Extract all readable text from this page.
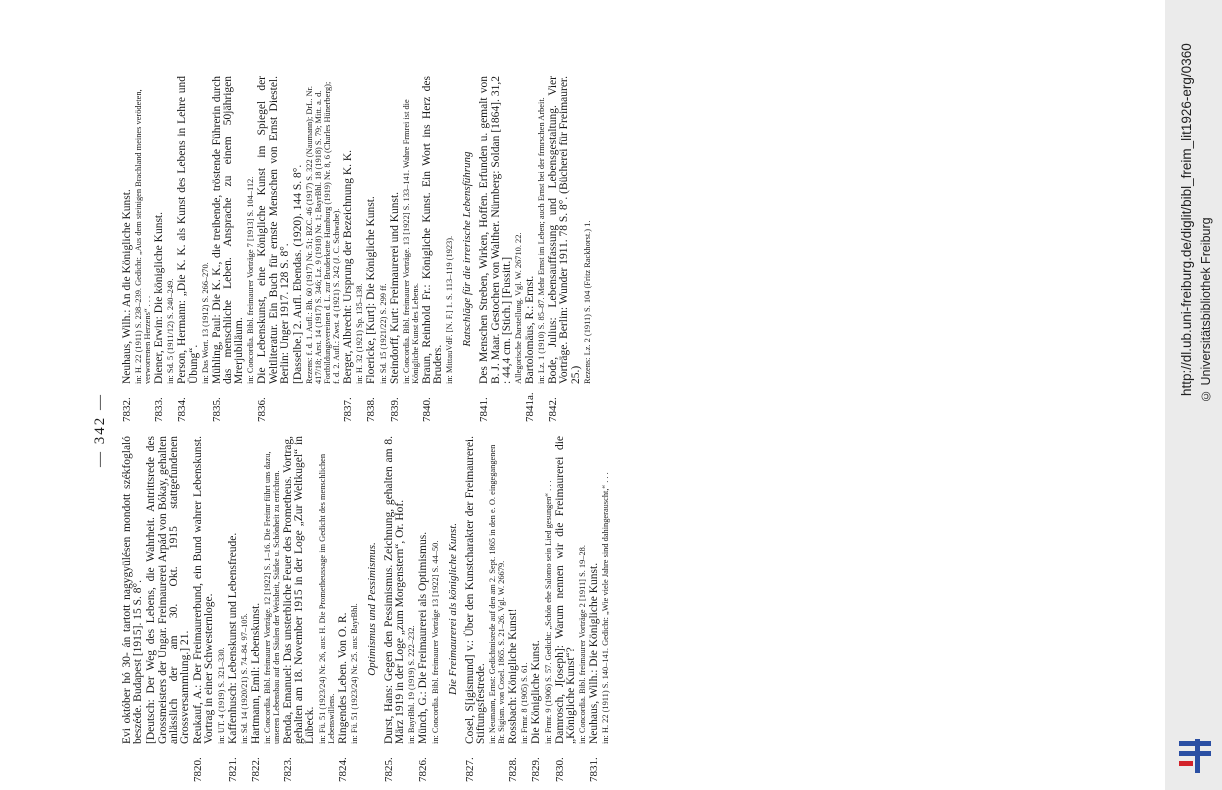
— 342 —
Evi október hó 30- án tartott nagygyülésen mondott székfoglaló beszéde. Budapest [1915]. 15 S. 8°. [Deutsch: Der Weg des Lebens, die Wahrheit. Antrittsrede des Grossmeisters der Ungar. Freimaurerei Arpád von Bókay, gehalten anlässlich der am 30. Okt. 1915 stattgefundenen Grossversammlung.] 21.
7820.
Reukauf, A.: Der Freimaurerbund, ein Bund wahrer Lebenskunst. Vortrag in einer Schwesternloge. in: UT. 4 (1919) S. 321–330.
7821.
Kaffenhusch: Lebenskunst und Lebensfreude. in: Sd. 14 (1920/21) S. 74–84. 97–105.
7822.
Hartmann, Emil: Lebenskunst. in: Concordia. Bibl. freimaurer Vorträge. 12 [1922] S. 1–16. Die Freimr führt uns dazu, unseren Lebensbau auf den Säulen der Weisheit, Stärke u. Schönheit zu errichten.
7823.
Benda, Emanuel: Das unsterbliche Feuer des Prometheus. Vortrag, gehalten am 18. November 1915 in der Loge „Zur Weltkugel“ in Lübeck. in: Fü. 51 (1923/24) Nr. 26, aus: H. Die Prometheussage im Gedicht des menschlichen Lebenswillens.
7824.
Ringendes Leben. Von O. R. in: Fü. 51 (1923/24) Nr. 25. aus: BayrBhl. Optimismus und Pessimismus.
7825.
Durst, Hans: Gegen den Pessimismus. Zeichnung, gehalten am 8. März 1919 in der Loge „zum Morgenstern“, Or. Hof. in: BayrBhl. 19 (1919) S. 222–232.
7826.
Münch, G.: Die Freimaurerei als Optimismus. in: Concordia. Bibl. freimaurer Vorträge 13 [1922] S. 44–50. Die Freimaurerei als königliche Kunst.
7827.
Cosel, S[igismund] v.: Über den Kunstcharakter der Freimaurerei. Stiftungsfestrede. in: Neumann, Ernst: Gedichtnisrede auf den am 2. Sept. 1865 in den e. O. eingegangenen Br. Sigism. von Cosel. 1865. S. 21–26. Vgl. W. 26679.
7828.
Rossbach: Königliche Kunst! in: Frmr. 8 (1905) S. 61.
7829.
Die Königliche Kunst. in: Frmr. 9 (1906) S. 57. Gedicht: „Schön ehe Salomo sein Lied gesungen“ . . .
7830.
Damrosch, J[oseph]: Warum nennen wir die Freimaurerei die „Königliche Kunst“? in: Concordia. Bibl. freimaurer Vorträge 2 [1911] S. 19–28.
7831.
Neuhaus, Wilh.: Die Königliche Kunst. in: H. 22 (1911) S. 140–141. Gedicht: „Wie viele Jahre sind dahingerauscht,“ . . .
7832.
Neuhaus, Wilh.: An die Königliche Kunst. in: H. 22 (1911) S. 238–239. Gedicht: „Aus dem steinigen Brachland meines verödeten, verworrenen Herzens“ . . .
7833.
Diener, Erwin: Die königliche Kunst. in: Sd. 5 (1911/12) S. 240–249.
7834.
Person, Hermann: „Die K. K. als Kunst des Lebens in Lehre und Übung“. in: Das Wort. 13 (1912) S. 266–270.
7835.
Mühling, Paul: Die K. K., die treibende, tröstende Führerin durch das menschliche Leben. Ansprache zu einem 50jährigen Mrerjubiläum. in: Concordia. Bibl. freimaurer Vorträge 7 [1913] S. 104–112.
7836.
Die Lebenskunst, eine Königliche Kunst im Spiegel der Weltliteratur. Ein Buch für ernste Menschen von Ernst Diestel. Berlin: Unger 1917. 128 S. 8°. [Dasselbe.] 2. Aufl. Ebendas. (1920). 144 S. 8°. Rezens: f. d. 1. Aufl.: Bh. 60 (1917) Nr. 51; BZC. 46 (1917) S. 322 (Naumann); DrL. Nr. 417/18; Arst. 14 (1917) S. 346; Lz. 9 (1918) Nr. 1; BayrBhl. 18 (1918) S. 79; Mitt. a. d. Fortbildungsvereinen d. L. zur Bruderkette Hamburg (1919) Nr. 8, 6 (Charles Hünerberg); f. d. 2. Aufl.: Zwst. 4 (1921) S. 242 (J. C. Schwabe).
7837.
Berger, Albrecht: Ursprung der Bezeichnung K. K. in: H. 32 (1921) Sp. 135–138.
7838.
Floericke, [Kurt]: Die Königliche Kunst. in: Sd. 15 (1921/22) S. 299 ff.
7839.
Steindorff, Kurt: Freimaurerei und Kunst. in: Concordia. Bibl. freimaurer Vorträge. 13 [1922] S. 133–141. Wahre Frmrei ist die Königliche Kunst des Lebens.
7840.
Braun, Reinhold Fr.: Königliche Kunst. Ein Wort ins Herz des Bruders. in: MittauVdF. [N. F.] 1. S. 113–119 (1923). Ratschläge für die irrerische Lebensführung
7841.
Des Menschen Streben, Wirken, Hoffen. Erfunden u. gemalt von B. J. Maar. Gestochen von Walther. Nürnberg: Soldan [1864]. 31,2 : 44,4 cm. [Stich.] [Fussitt.] Allegorische Darstellung. Vgl. W. 26710. 22.
7841a.
Bartolomäus, R.: Ernst. in: Lz. 1 (1910) S. 85–87. Mehr Ernst im Leben; auch Ernst bei der frmrschen Arbeit.
7842.
Bode, Julius: Lebensauffassung und Lebensgestaltung. Vier Vorträge. Berlin: Wunder 1911. 78 S. 8°. (Bücherei für Freimaurer. 25.) Rezens: Lz. 2 (1911) S. 104 (Fritz Rackhorst.) 1.	http://dl.ub.uni-freiburg.de/diglit/bibl_freim_lit1926-erg/0360 © Universitätsbibliothek Freiburg
